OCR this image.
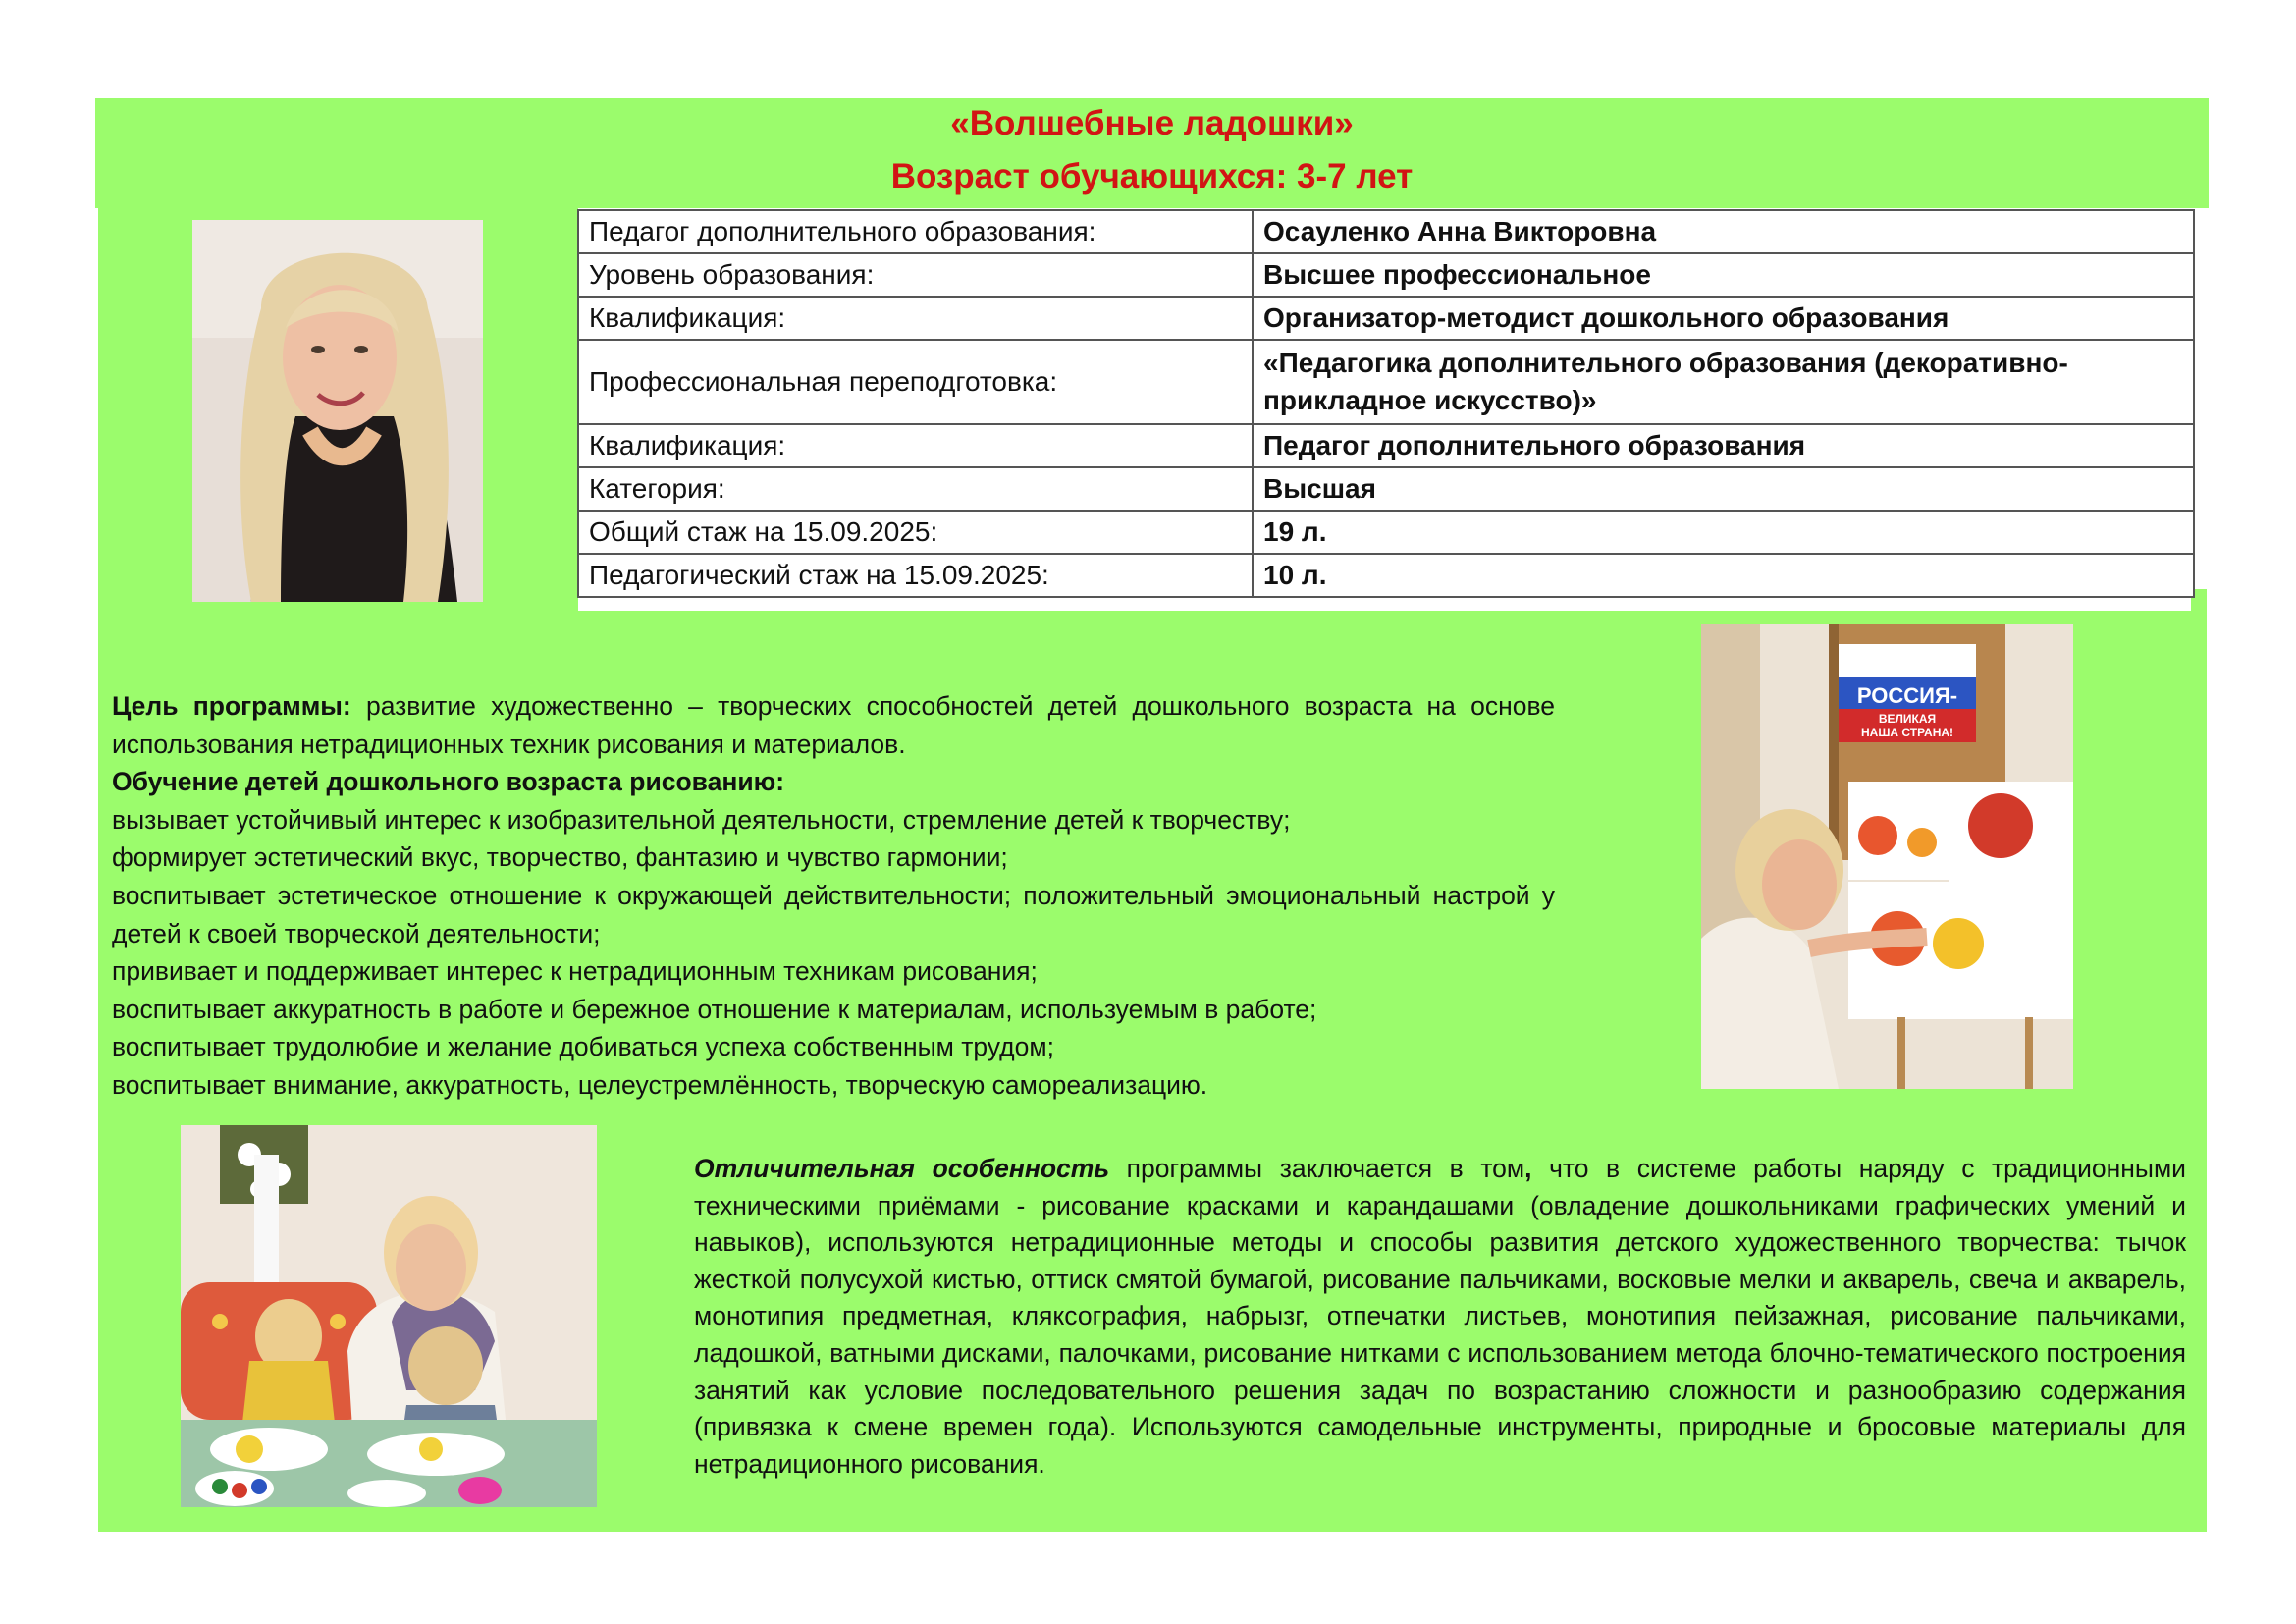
«Волшебные ладошки»
Возраст обучающихся: 3-7 лет
Педагог дополнительного образования:	Осауленко Анна Викторовна
Уровень образования:	Высшее профессиональное
Квалификация:	Организатор-методист дошкольного образования
Профессиональная переподготовка:	«Педагогика дополнительного образования (декоративно-прикладное искусство)»
Квалификация:	Педагог дополнительного образования
Категория:	Высшая
Общий стаж на 15.09.2025:	19 л.
Педагогический стаж на 15.09.2025:	10 л.

Цель программы: развитие художественно – творческих способностей детей дошкольного возраста на основе использования нетрадиционных техник рисования и материалов.

Обучение детей дошкольного возраста рисованию:

вызывает устойчивый интерес к изобразительной деятельности, стремление детей к творчеству;

формирует эстетический вкус, творчество, фантазию и чувство гармонии;

воспитывает эстетическое отношение к окружающей действительности; положительный эмоциональный настрой у детей к своей творческой деятельности;

прививает и поддерживает интерес к нетрадиционным техникам рисования;

воспитывает аккуратность в работе и бережное отношение к материалам, используемым в работе;

воспитывает трудолюбие и желание добиваться успеха собственным трудом;

воспитывает внимание, аккуратность, целеустремлённость, творческую самореализацию.

РОССИЯ-
ВЕЛИКАЯ
НАША СТРАНА!

Отличительная особенность программы заключается в том, что в системе работы наряду с традиционными техническими приёмами - рисование красками и карандашами (овладение дошкольниками графических умений и навыков), используются нетрадиционные методы и способы развития детского художественного творчества: тычок жесткой полусухой кистью, оттиск смятой бумагой, рисование пальчиками, восковые мелки и акварель, свеча и акварель, монотипия предметная, кляксография, набрызг, отпечатки листьев, монотипия пейзажная, рисование пальчиками, ладошкой, ватными дисками, палочками, рисование нитками с использованием метода блочно-тематического построения занятий как условие последовательного решения задач по возрастанию сложности и разнообразию содержания (привязка к смене времен года). Используются самодельные инструменты, природные и бросовые материалы для нетрадиционного рисования.
